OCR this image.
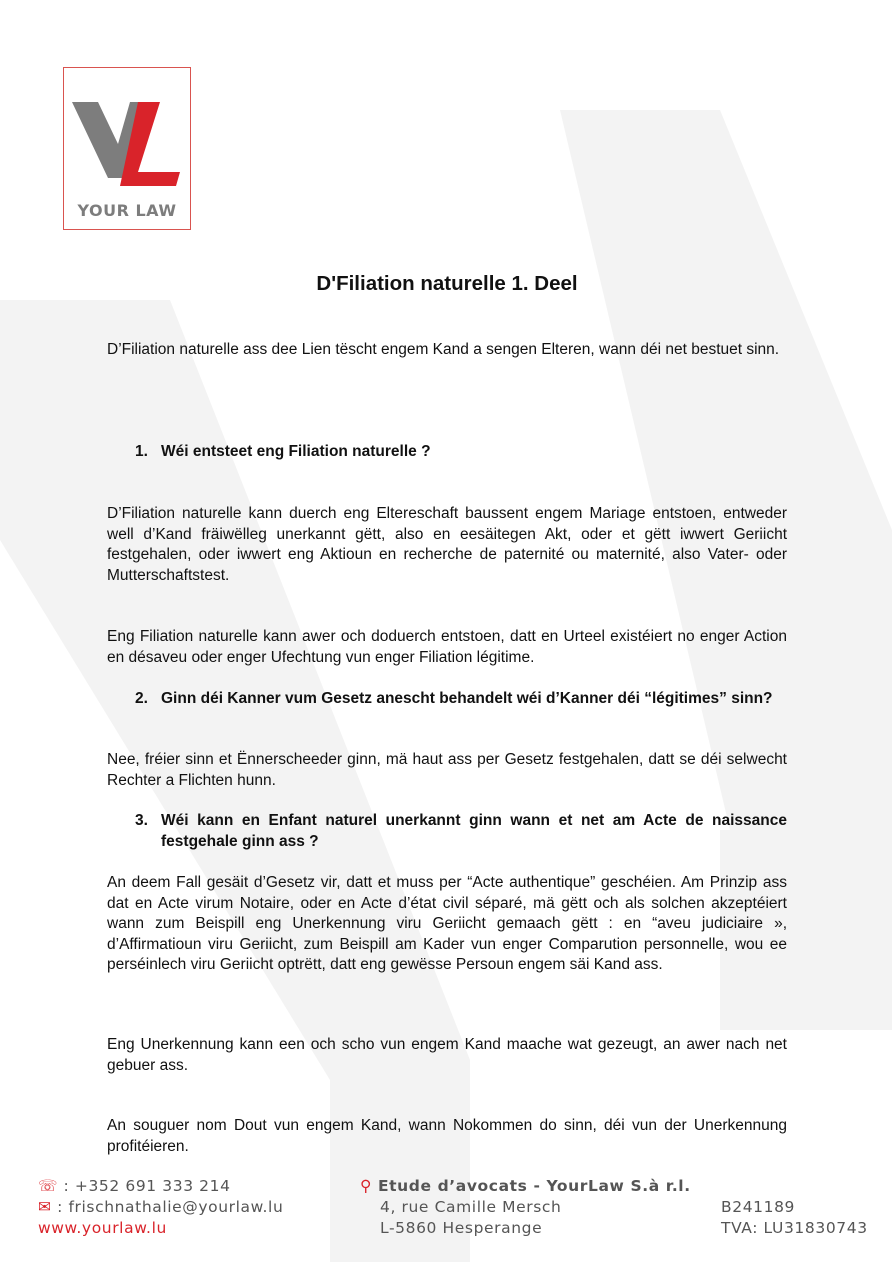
YOUR LAW
D'Filiation naturelle 1. Deel

D’Filiation naturelle ass dee Lien tëscht engem Kand a sengen Elteren, wann déi net bestuet sinn.

1. Wéi entsteet eng Filiation naturelle ?

D’Filiation naturelle kann duerch eng Eltereschaft baussent engem Mariage entstoen, entweder well d’Kand fräiwëlleg unerkannt gëtt, also en eesäitegen Akt, oder et gëtt iwwert Geriicht festgehalen, oder iwwert eng Aktioun en recherche de paternité ou maternité, also Vater- oder Mutterschaftstest.

Eng Filiation naturelle kann awer och doduerch entstoen, datt en Urteel existéiert no enger Action en désaveu oder enger Ufechtung vun enger Filiation légitime.

2. Ginn déi Kanner vum Gesetz anescht behandelt wéi d’Kanner déi “légitimes” sinn?

Nee, fréier sinn et Ënnerscheeder ginn, mä haut ass per Gesetz festgehalen, datt se déi selwecht Rechter a Flichten hunn.

3. Wéi kann en Enfant naturel unerkannt ginn wann et net am Acte de naissance festgehale ginn ass ?

An deem Fall gesäit d’Gesetz vir, datt et muss per “Acte authentique” geschéien. Am Prinzip ass dat en Acte virum Notaire, oder en Acte d’état civil séparé, mä gëtt och als solchen akzeptéiert wann zum Beispill eng Unerkennung viru Geriicht gemaach gëtt : en “aveu judiciaire », d’Affirmatioun viru Geriicht, zum Beispill am Kader vun enger Comparution personnelle, wou ee perséinlech viru Geriicht optrëtt, datt eng gewësse Persoun engem säi Kand ass.

Eng Unerkennung kann een och scho vun engem Kand maache wat gezeugt, an awer nach net gebuer ass.

An souguer nom Dout vun engem Kand, wann Nokommen do sinn, déi vun der Unerkennung profitéieren.

☏ : +352 691 333 214
✉ : frischnathalie@yourlaw.lu
www.yourlaw.lu
⚲ Etude d’avocats - YourLaw S.à r.l.
4, rue Camille Mersch
L-5860 Hesperange
B241189
TVA: LU31830743
